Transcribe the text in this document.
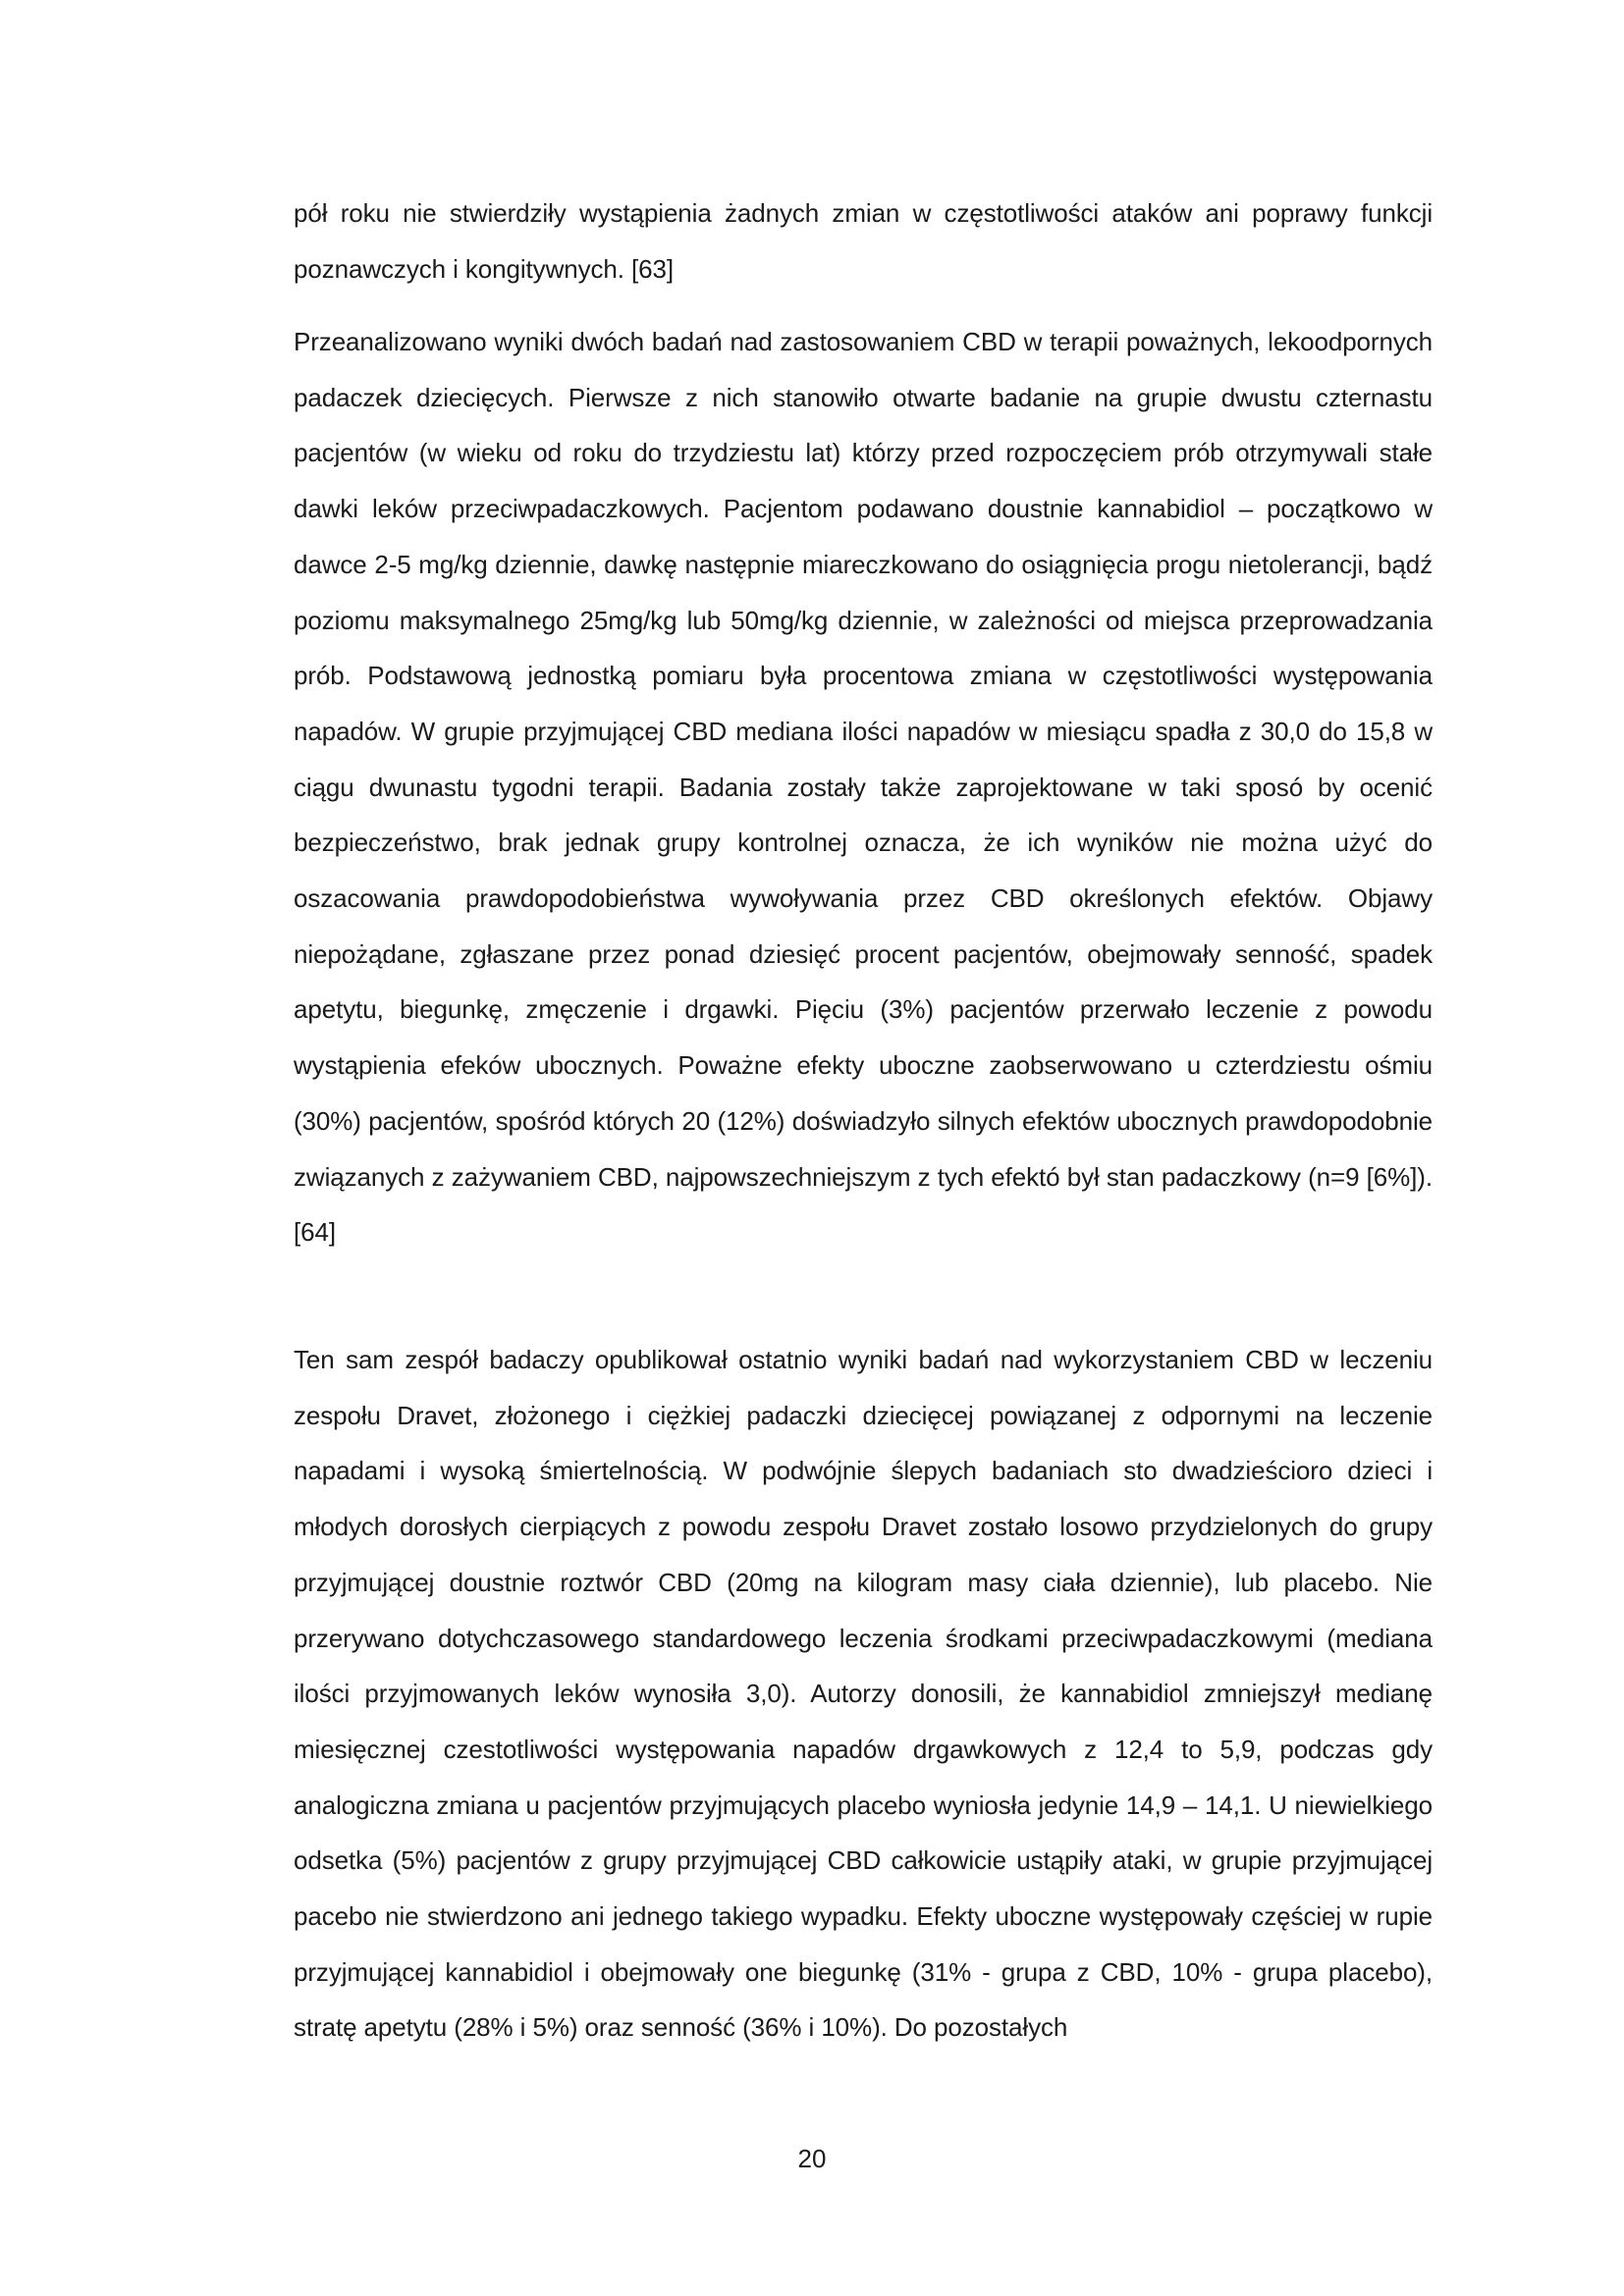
pół roku nie stwierdziły wystąpienia żadnych zmian w częstotliwości ataków ani poprawy funkcji poznawczych i kongitywnych. [63]

Przeanalizowano wyniki dwóch badań nad zastosowaniem CBD w terapii poważnych, lekoodpornych padaczek dziecięcych. Pierwsze z nich stanowiło otwarte badanie na grupie dwustu czternastu pacjentów (w wieku od roku do trzydziestu lat) którzy przed rozpoczęciem prób otrzymywali stałe dawki leków przeciwpadaczkowych. Pacjentom podawano doustnie kannabidiol – początkowo w dawce 2-5 mg/kg dziennie, dawkę następnie miareczkowano do osiągnięcia progu nietolerancji, bądź poziomu maksymalnego 25mg/kg lub 50mg/kg dziennie, w zależności od miejsca przeprowadzania prób. Podstawową jednostką pomiaru była procentowa zmiana w częstotliwości występowania napadów. W grupie przyjmującej CBD mediana ilości napadów w miesiącu spadła z 30,0 do 15,8 w ciągu dwunastu tygodni terapii. Badania zostały także zaprojektowane w taki sposó by ocenić bezpieczeństwo, brak jednak grupy kontrolnej oznacza, że ich wyników nie można użyć do oszacowania prawdopodobieństwa wywoływania przez CBD określonych efektów. Objawy niepożądane, zgłaszane przez ponad dziesięć procent pacjentów, obejmowały senność, spadek apetytu, biegunkę, zmęczenie i drgawki. Pięciu (3%) pacjentów przerwało leczenie z powodu wystąpienia efeków ubocznych. Poważne efekty uboczne zaobserwowano u czterdziestu ośmiu (30%) pacjentów, spośród których 20 (12%) doświadzyło silnych efektów ubocznych prawdopodobnie związanych z zażywaniem CBD, najpowszechniejszym z tych efektó był stan padaczkowy (n=9 [6%]). [64]

Ten sam zespół badaczy opublikował ostatnio wyniki badań nad wykorzystaniem CBD w leczeniu zespołu Dravet, złożonego i ciężkiej padaczki dziecięcej powiązanej z odpornymi na leczenie napadami i wysoką śmiertelnością. W podwójnie ślepych badaniach sto dwadzieścioro dzieci i młodych dorosłych cierpiących z powodu zespołu Dravet zostało losowo przydzielonych do grupy przyjmującej doustnie roztwór CBD (20mg na kilogram masy ciała dziennie), lub placebo. Nie przerywano dotychczasowego standardowego leczenia środkami przeciwpadaczkowymi (mediana ilości przyjmowanych leków wynosiła 3,0). Autorzy donosili, że kannabidiol zmniejszył medianę miesięcznej czestotliwości występowania napadów drgawkowych z 12,4 to 5,9, podczas gdy analogiczna zmiana u pacjentów przyjmujących placebo wyniosła jedynie 14,9 – 14,1. U niewielkiego odsetka (5%) pacjentów z grupy przyjmującej CBD całkowicie ustąpiły ataki, w grupie przyjmującej pacebo nie stwierdzono ani jednego takiego wypadku. Efekty uboczne występowały częściej w rupie przyjmującej kannabidiol i obejmowały one biegunkę (31% - grupa z CBD, 10% - grupa placebo), stratę apetytu (28% i 5%) oraz senność (36% i 10%). Do pozostałych

20
